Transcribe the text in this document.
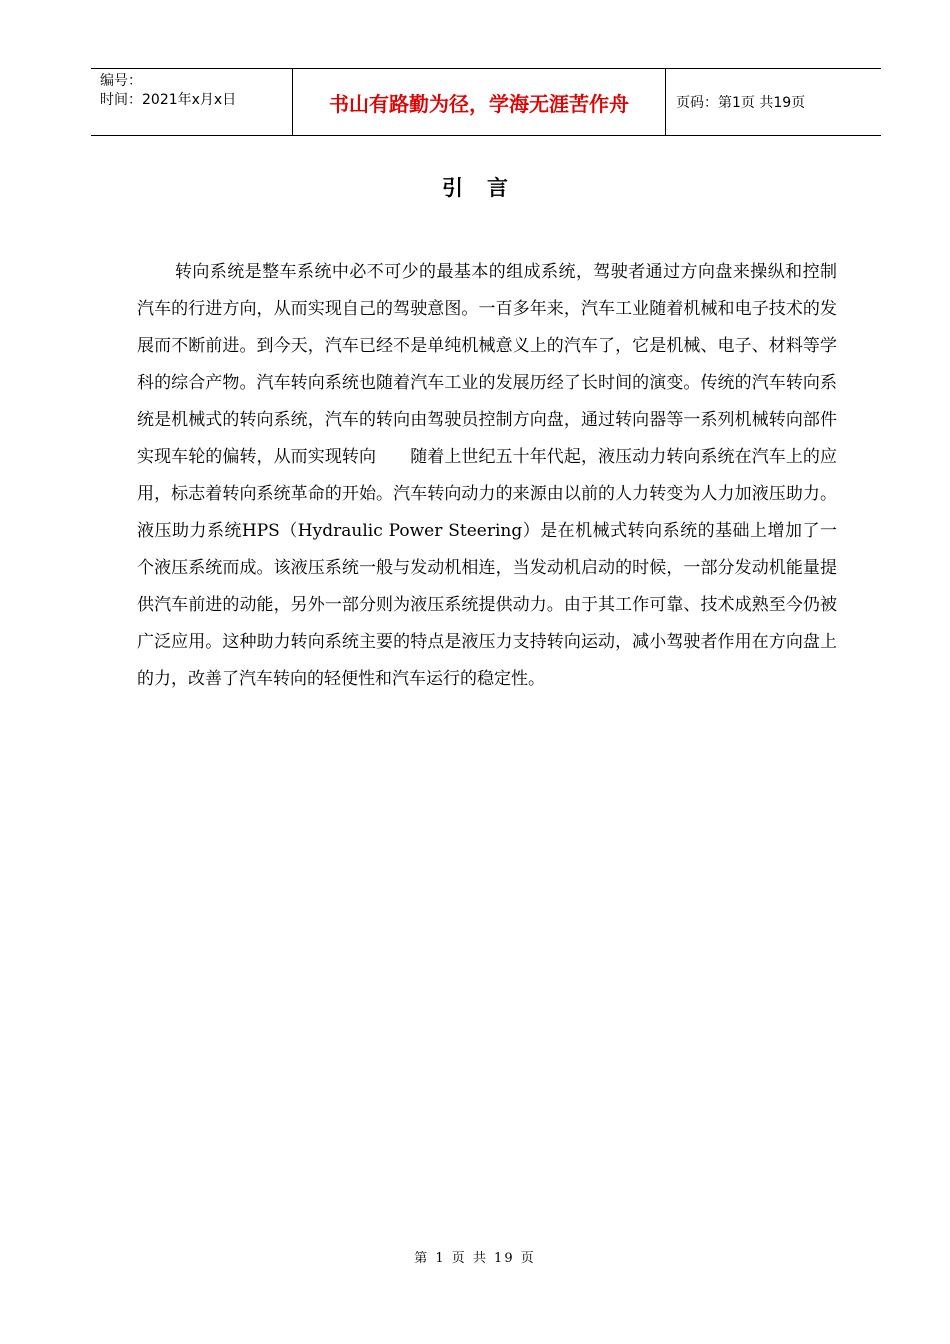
编号：
时间：2021年x月x日	书山有路勤为径，学海无涯苦作舟	页码：第1页 共19页
引言

转向系统是整车系统中必不可少的最基本的组成系统，驾驶者通过方向盘来操纵和控制汽车的行进方向，从而实现自己的驾驶意图。一百多年来，汽车工业随着机械和电子技术的发展而不断前进。到今天，汽车已经不是单纯机械意义上的汽车了，它是机械、电子、材料等学科的综合产物。汽车转向系统也随着汽车工业的发展历经了长时间的演变。传统的汽车转向系统是机械式的转向系统，汽车的转向由驾驶员控制方向盘，通过转向器等一系列机械转向部件实现车轮的偏转，从而实现转向　　随着上世纪五十年代起，液压动力转向系统在汽车上的应用，标志着转向系统革命的开始。汽车转向动力的来源由以前的人力转变为人力加液压助力。液压助力系统HPS（Hydraulic Power Steering）是在机械式转向系统的基础上增加了一个液压系统而成。该液压系统一般与发动机相连，当发动机启动的时候，一部分发动机能量提供汽车前进的动能，另外一部分则为液压系统提供动力。由于其工作可靠、技术成熟至今仍被广泛应用。这种助力转向系统主要的特点是液压力支持转向运动，减小驾驶者作用在方向盘上的力，改善了汽车转向的轻便性和汽车运行的稳定性。

第 1 页 共 19 页
